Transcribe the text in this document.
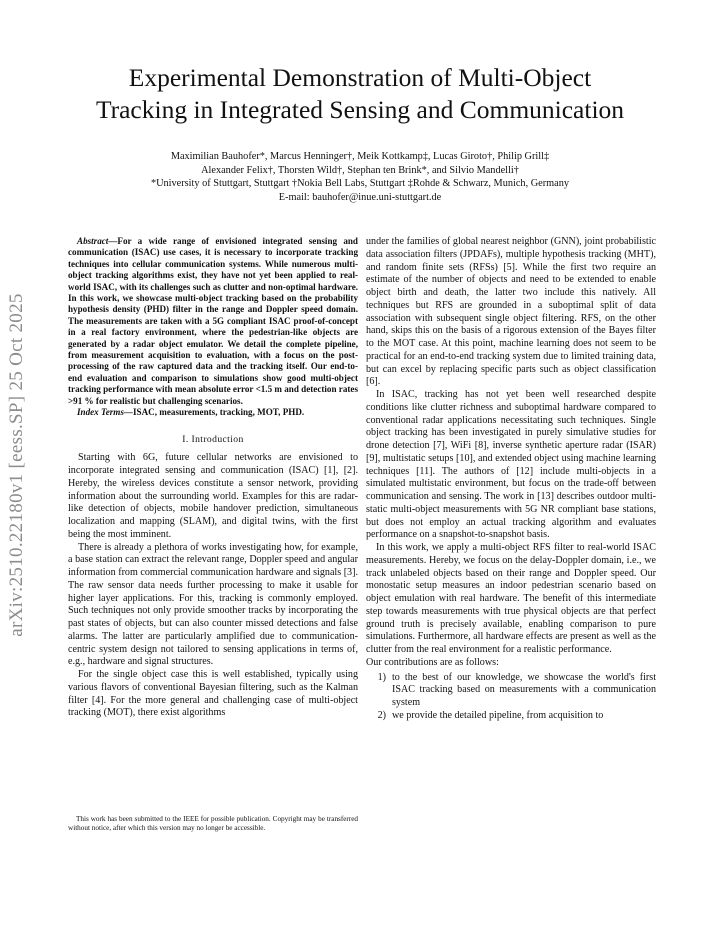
arXiv:2510.22180v1 [eess.SP] 25 Oct 2025
Experimental Demonstration of Multi-Object
Tracking in Integrated Sensing and Communication
Maximilian Bauhofer*, Marcus Henninger†, Meik Kottkamp‡, Lucas Giroto†, Philip Grill‡
Alexander Felix†, Thorsten Wild†, Stephan ten Brink*, and Silvio Mandelli†
*University of Stuttgart, Stuttgart †Nokia Bell Labs, Stuttgart ‡Rohde & Schwarz, Munich, Germany
E-mail: bauhofer@inue.uni-stuttgart.de

Abstract—For a wide range of envisioned integrated sensing and communication (ISAC) use cases, it is necessary to incorporate tracking techniques into cellular communication systems. While numerous multi-object tracking algorithms exist, they have not yet been applied to real-world ISAC, with its challenges such as clutter and non-optimal hardware. In this work, we showcase multi-object tracking based on the probability hypothesis density (PHD) filter in the range and Doppler speed domain. The measurements are taken with a 5G compliant ISAC proof-of-concept in a real factory environment, where the pedestrian-like objects are generated by a radar object emulator. We detail the complete pipeline, from measurement acquisition to evaluation, with a focus on the post-processing of the raw captured data and the tracking itself. Our end-to-end evaluation and comparison to simulations show good multi-object tracking performance with mean absolute error <1.5 m and detection rates >91 % for realistic but challenging scenarios.

Index Terms—ISAC, measurements, tracking, MOT, PHD.

I. Introduction

Starting with 6G, future cellular networks are envisioned to incorporate integrated sensing and communication (ISAC) [1], [2]. Hereby, the wireless devices constitute a sensor network, providing information about the surrounding world. Examples for this are radar-like detection of objects, mobile handover prediction, simultaneous localization and mapping (SLAM), and digital twins, with the first being the most imminent.

There is already a plethora of works investigating how, for example, a base station can extract the relevant range, Doppler speed and angular information from commercial communication hardware and signals [3]. The raw sensor data needs further processing to make it usable for higher layer applications. For this, tracking is commonly employed. Such techniques not only provide smoother tracks by incorporating the past states of objects, but can also counter missed detections and false alarms. The latter are particularly amplified due to communication-centric system design not tailored to sensing applications in terms of, e.g., hardware and signal structures.

For the single object case this is well established, typically using various flavors of conventional Bayesian filtering, such as the Kalman filter [4]. For the more general and challenging case of multi-object tracking (MOT), there exist algorithms

This work has been submitted to the IEEE for possible publication. Copyright may be transferred without notice, after which this version may no longer be accessible.

under the families of global nearest neighbor (GNN), joint probabilistic data association filters (JPDAFs), multiple hypothesis tracking (MHT), and random finite sets (RFSs) [5]. While the first two require an estimate of the number of objects and need to be extended to enable object birth and death, the latter two include this natively. All techniques but RFS are grounded in a suboptimal split of data association with subsequent single object filtering. RFS, on the other hand, skips this on the basis of a rigorous extension of the Bayes filter to the MOT case. At this point, machine learning does not seem to be practical for an end-to-end tracking system due to limited training data, but can excel by replacing specific parts such as object classification [6].

In ISAC, tracking has not yet been well researched despite conditions like clutter richness and suboptimal hardware compared to conventional radar applications necessitating such techniques. Single object tracking has been investigated in purely simulative studies for drone detection [7], WiFi [8], inverse synthetic aperture radar (ISAR) [9], multistatic setups [10], and extended object using machine learning techniques [11]. The authors of [12] include multi-objects in a simulated multistatic environment, but focus on the trade-off between communication and sensing. The work in [13] describes outdoor multi-static multi-object measurements with 5G NR compliant base stations, but does not employ an actual tracking algorithm and evaluates performance on a snapshot-to-snapshot basis.

In this work, we apply a multi-object RFS filter to real-world ISAC measurements. Hereby, we focus on the delay-Doppler domain, i.e., we track unlabeled objects based on their range and Doppler speed. Our monostatic setup measures an indoor pedestrian scenario based on object emulation with real hardware. The benefit of this intermediate step towards measurements with true physical objects are that perfect ground truth is precisely available, enabling comparison to pure simulations. Furthermore, all hardware effects are present as well as the clutter from the real environment for a realistic performance.

Our contributions are as follows:

1) to the best of our knowledge, we showcase the world's first ISAC tracking based on measurements with a communication system
2) we provide the detailed pipeline, from acquisition to
